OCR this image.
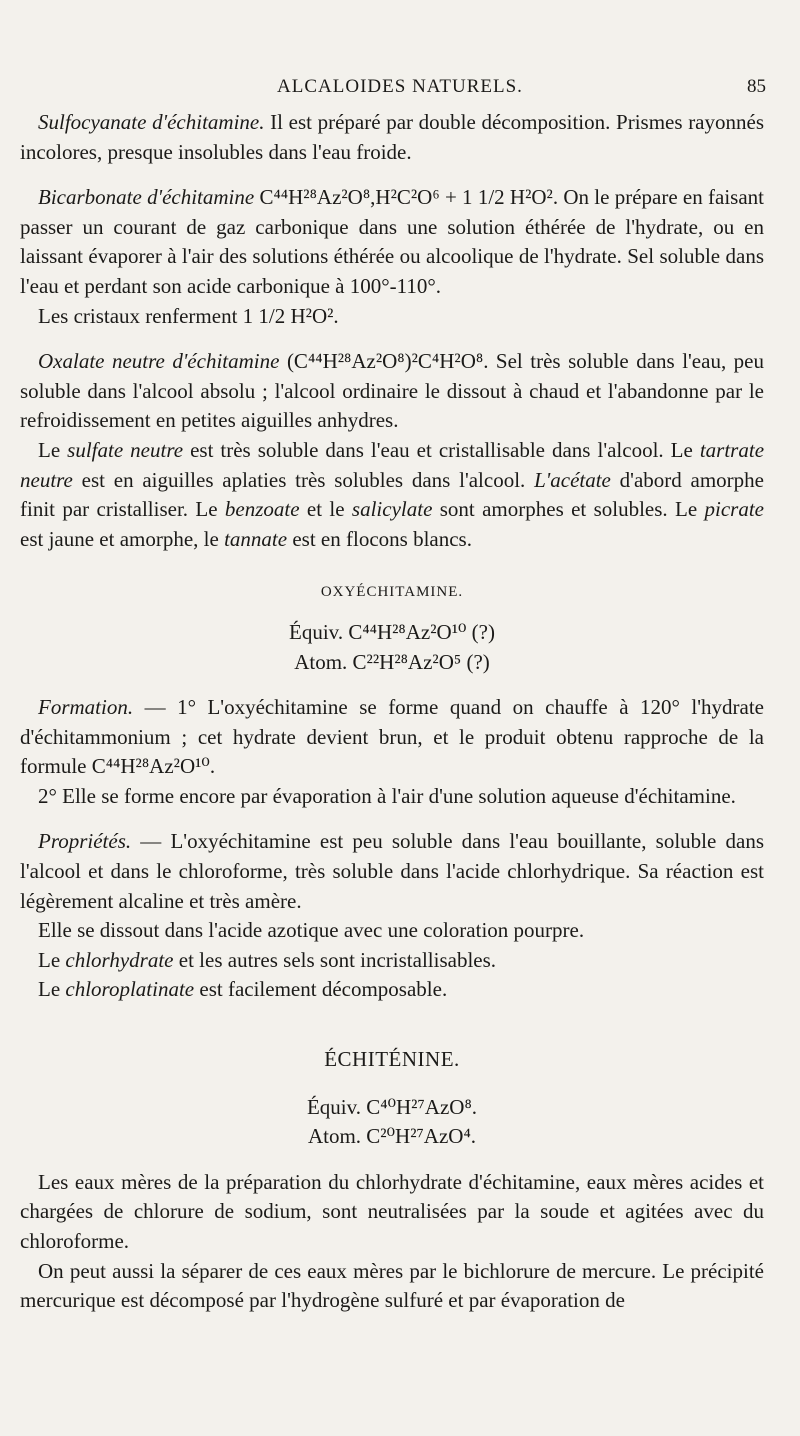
ALCALOIDES NATURELS.	85

Sulfocyanate d'échitamine. Il est préparé par double décomposition. Prismes rayonnés incolores, presque insolubles dans l'eau froide.

Bicarbonate d'échitamine C⁴⁴H²⁸Az²O⁸,H²C²O⁶ + 1 1/2 H²O². On le prépare en faisant passer un courant de gaz carbonique dans une solution éthérée de l'hydrate, ou en laissant évaporer à l'air des solutions éthérée ou alcoolique de l'hydrate. Sel soluble dans l'eau et perdant son acide carbonique à 100°-110°.

Les cristaux renferment 1 1/2 H²O².

Oxalate neutre d'échitamine (C⁴⁴H²⁸Az²O⁸)²C⁴H²O⁸. Sel très soluble dans l'eau, peu soluble dans l'alcool absolu ; l'alcool ordinaire le dissout à chaud et l'abandonne par le refroidissement en petites aiguilles anhydres.

Le sulfate neutre est très soluble dans l'eau et cristallisable dans l'alcool. Le tartrate neutre est en aiguilles aplaties très solubles dans l'alcool. L'acétate d'abord amorphe finit par cristalliser. Le benzoate et le salicylate sont amorphes et solubles. Le picrate est jaune et amorphe, le tannate est en flocons blancs.

OXYÉCHITAMINE.
Équiv. C⁴⁴H²⁸Az²O¹⁰ (?)
Atom. C²²H²⁸Az²O⁵ (?)

Formation. — 1° L'oxyéchitamine se forme quand on chauffe à 120° l'hydrate d'échitammonium ; cet hydrate devient brun, et le produit obtenu rapproche de la formule C⁴⁴H²⁸Az²O¹⁰.

2° Elle se forme encore par évaporation à l'air d'une solution aqueuse d'échitamine.

Propriétés. — L'oxyéchitamine est peu soluble dans l'eau bouillante, soluble dans l'alcool et dans le chloroforme, très soluble dans l'acide chlorhydrique. Sa réaction est légèrement alcaline et très amère.

Elle se dissout dans l'acide azotique avec une coloration pourpre.

Le chlorhydrate et les autres sels sont incristallisables.

Le chloroplatinate est facilement décomposable.

ÉCHITÉNINE.
Équiv. C⁴⁰H²⁷AzO⁸.
Atom. C²⁰H²⁷AzO⁴.

Les eaux mères de la préparation du chlorhydrate d'échitamine, eaux mères acides et chargées de chlorure de sodium, sont neutralisées par la soude et agitées avec du chloroforme.

On peut aussi la séparer de ces eaux mères par le bichlorure de mercure. Le précipité mercurique est décomposé par l'hydrogène sulfuré et par évaporation de
